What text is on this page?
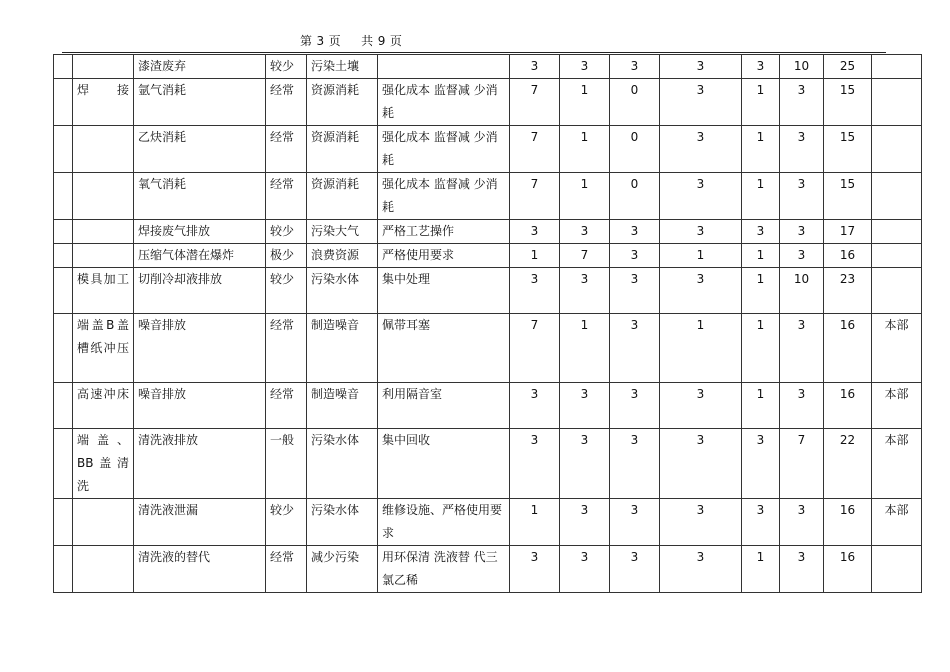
第 3 页 共 9 页
		漆渣废弃	较少	污染土壤		3	3	3	3	3	10	25	
	焊接	氩气消耗	经常	资源消耗	强化成本 监督减 少消耗	7	1	0	3	1	3	15	
		乙炔消耗	经常	资源消耗	强化成本 监督减 少消耗	7	1	0	3	1	3	15	
		氧气消耗	经常	资源消耗	强化成本 监督减 少消耗	7	1	0	3	1	3	15	
		焊接废气排放	较少	污染大气	严格工艺操作	3	3	3	3	3	3	17	
		压缩气体潜在爆炸	极少	浪费资源	严格使用要求	1	7	3	1	1	3	16	
	模具加工	切削冷却液排放	较少	污染水体	集中处理	3	3	3	3	1	10	23	
	端盖B盖槽纸冲压	噪音排放	经常	制造噪音	佩带耳塞	7	1	3	1	1	3	16	本部
	高速冲床	噪音排放	经常	制造噪音	利用隔音室	3	3	3	3	1	3	16	本部
	端盖、BB盖清洗	清洗液排放	一般	污染水体	集中回收	3	3	3	3	3	7	22	本部
		清洗液泄漏	较少	污染水体	维修设施、严格使用要求	1	3	3	3	3	3	16	本部
		清洗液的替代	经常	减少污染	用环保清 洗液替 代三氯乙稀	3	3	3	3	1	3	16	
